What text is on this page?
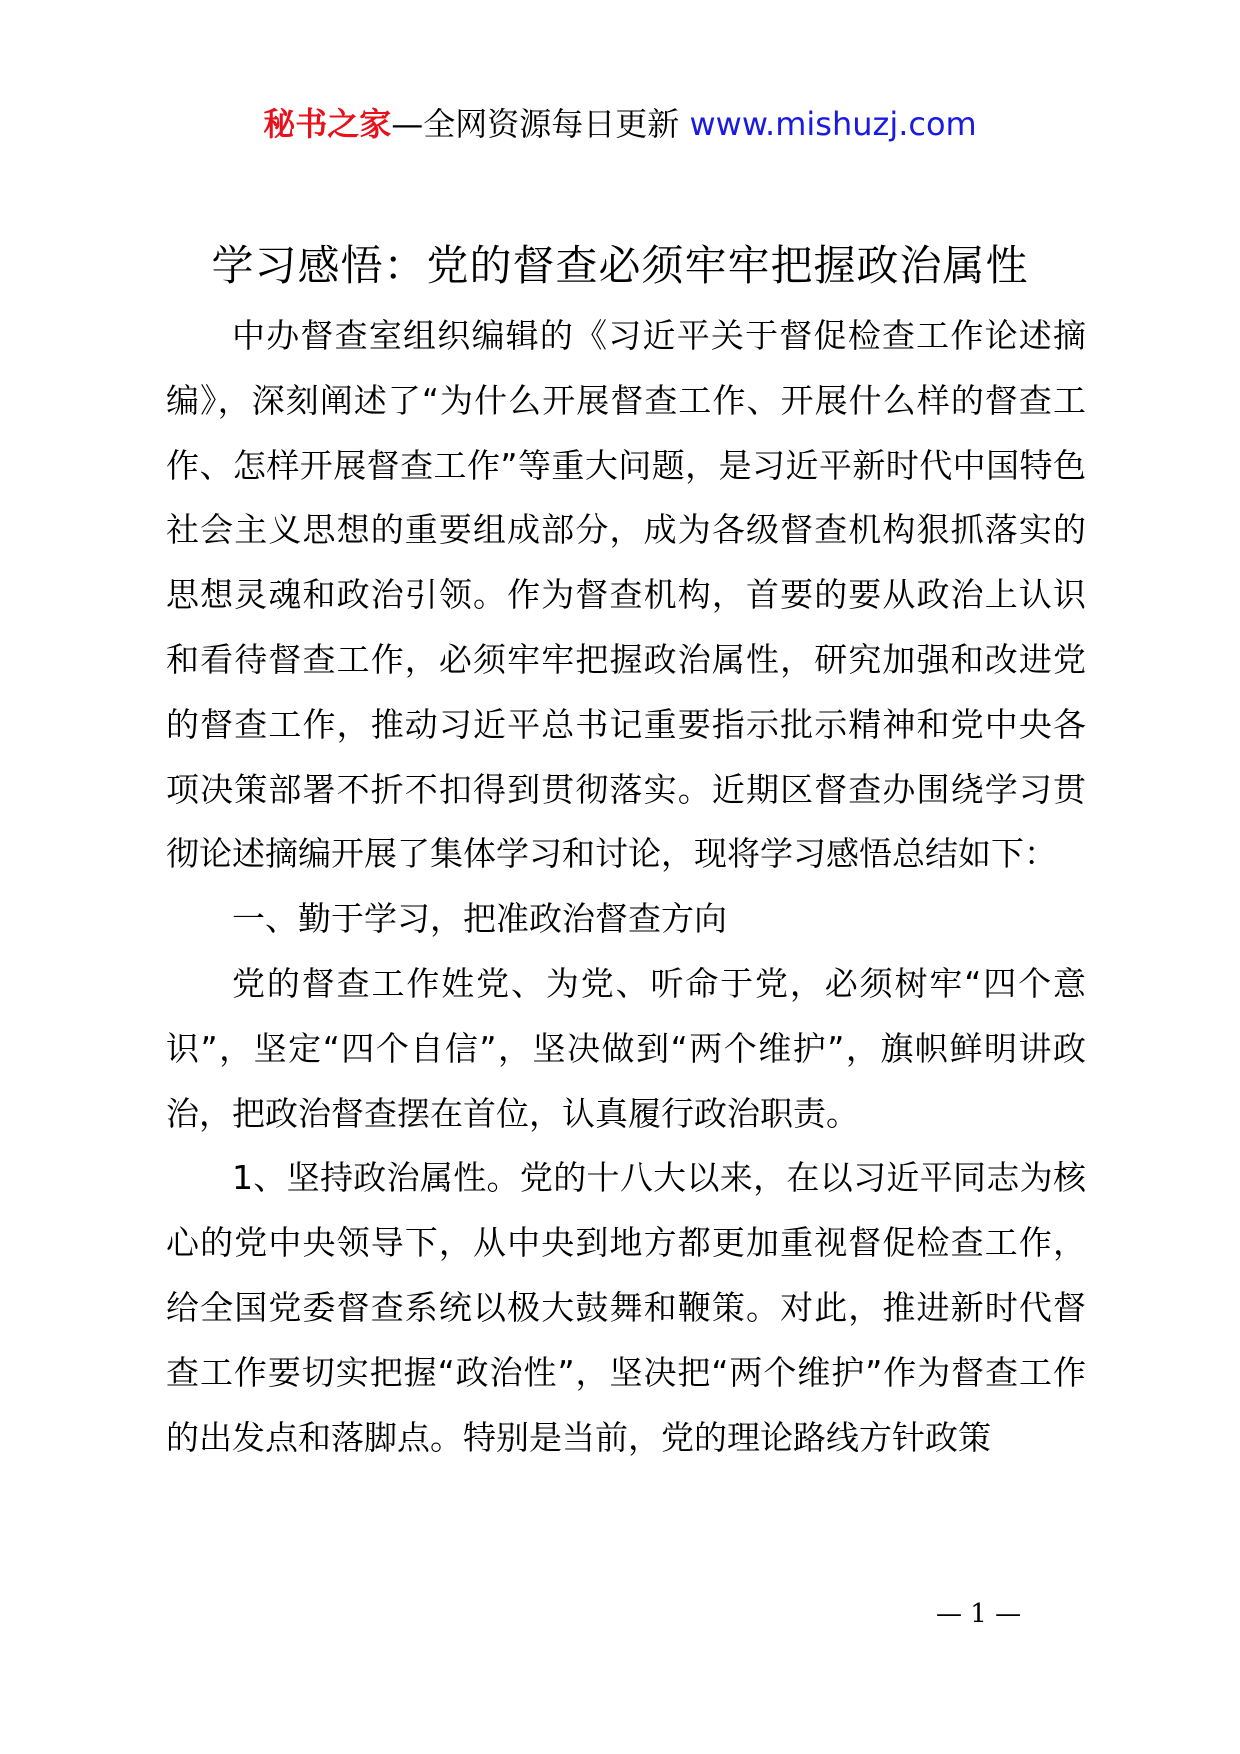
秘书之家—全网资源每日更新 www.mishuzj.com
学习感悟：党的督查必须牢牢把握政治属性

中办督查室组织编辑的《习近平关于督促检查工作论述摘编》，深刻阐述了“为什么开展督查工作、开展什么样的督查工作、怎样开展督查工作”等重大问题，是习近平新时代中国特色社会主义思想的重要组成部分，成为各级督查机构狠抓落实的思想灵魂和政治引领。作为督查机构，首要的要从政治上认识和看待督查工作，必须牢牢把握政治属性，研究加强和改进党的督查工作，推动习近平总书记重要指示批示精神和党中央各项决策部署不折不扣得到贯彻落实。近期区督查办围绕学习贯彻论述摘编开展了集体学习和讨论，现将学习感悟总结如下：

一、勤于学习，把准政治督查方向

党的督查工作姓党、为党、听命于党，必须树牢“四个意识”，坚定“四个自信”，坚决做到“两个维护”，旗帜鲜明讲政治，把政治督查摆在首位，认真履行政治职责。

1、坚持政治属性。党的十八大以来，在以习近平同志为核心的党中央领导下，从中央到地方都更加重视督促检查工作，给全国党委督查系统以极大鼓舞和鞭策。对此，推进新时代督查工作要切实把握“政治性”，坚决把“两个维护”作为督查工作的出发点和落脚点。特别是当前，党的理论路线方针政策

— 1 —
